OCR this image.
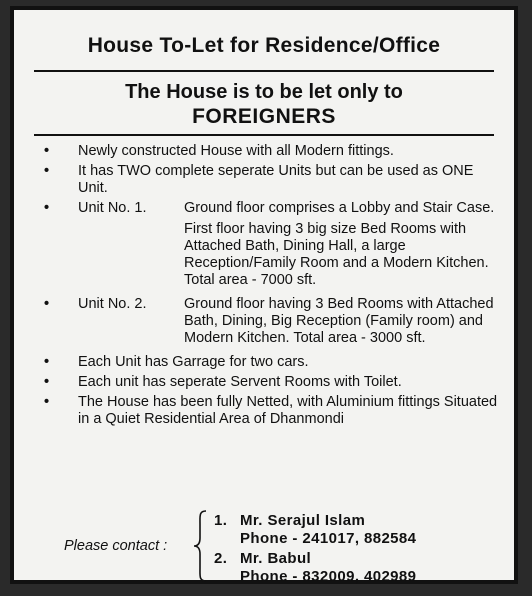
House To-Let for Residence/Office
The House is to be let only to
FOREIGNERS
• Newly constructed House with all Modern fittings.
• It has TWO complete seperate Units but can be used as ONE Unit.
• Unit No. 1.	Ground floor comprises a Lobby and Stair Case.

First floor having 3 big size Bed Rooms with Attached Bath, Dining Hall, a large Reception/Family Room and a Modern Kitchen. Total area - 7000 sft.

• Unit No. 2.	Ground floor having 3 Bed Rooms with Attached Bath, Dining, Big Reception (Family room) and Modern Kitchen. Total area - 3000 sft.

• Each Unit has Garrage for two cars.
• Each unit has seperate Servent Rooms with Toilet.
• The House has been fully Netted, with Aluminium fittings Situated in a Quiet Residential Area of Dhanmondi
Please contact :
1. Mr. Serajul Islam
Phone - 241017, 882584
2. Mr. Babul
Phone - 832009, 402989
